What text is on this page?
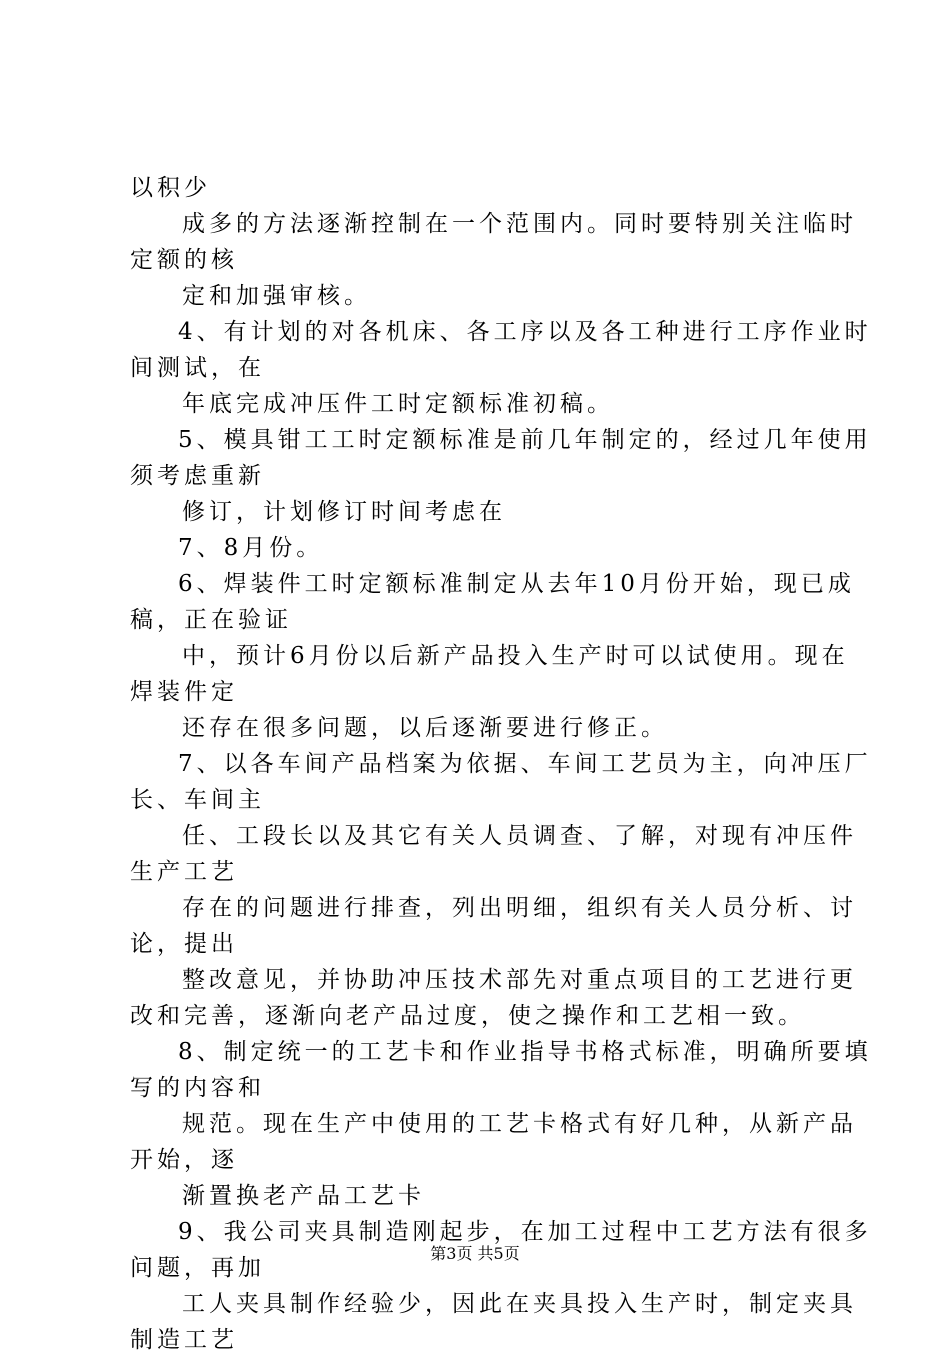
以积少
成多的方法逐渐控制在一个范围内。同时要特别关注临时
定额的核
定和加强审核。
4、有计划的对各机床、各工序以及各工种进行工序作业时
间测试，在
年底完成冲压件工时定额标准初稿。
5、模具钳工工时定额标准是前几年制定的，经过几年使用
须考虑重新
修订，计划修订时间考虑在
7、8月份。
6、焊装件工时定额标准制定从去年10月份开始，现已成
稿，正在验证
中，预计6月份以后新产品投入生产时可以试使用。现在
焊装件定
还存在很多问题，以后逐渐要进行修正。
7、以各车间产品档案为依据、车间工艺员为主，向冲压厂
长、车间主
任、工段长以及其它有关人员调查、了解，对现有冲压件
生产工艺
存在的问题进行排查，列出明细，组织有关人员分析、讨
论，提出
整改意见，并协助冲压技术部先对重点项目的工艺进行更
改和完善，逐渐向老产品过度，使之操作和工艺相一致。
8、制定统一的工艺卡和作业指导书格式标准，明确所要填
写的内容和
规范。现在生产中使用的工艺卡格式有好几种，从新产品
开始，逐
渐置换老产品工艺卡
9、我公司夹具制造刚起步，在加工过程中工艺方法有很多
问题，再加
工人夹具制作经验少，因此在夹具投入生产时，制定夹具
制造工艺
第3页 共5页
